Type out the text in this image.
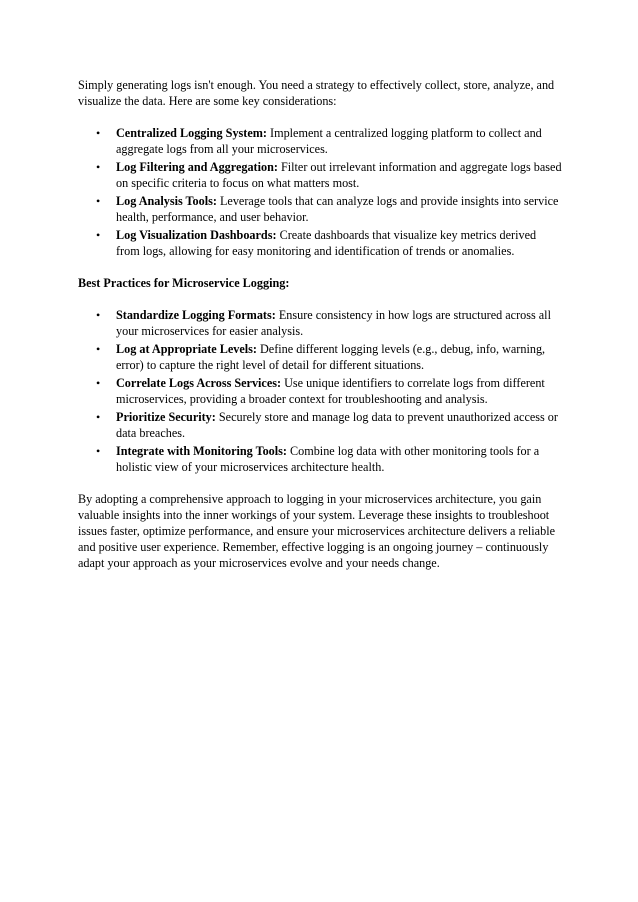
Simply generating logs isn't enough. You need a strategy to effectively collect, store, analyze, and visualize the data. Here are some key considerations:

• Centralized Logging System: Implement a centralized logging platform to collect and aggregate logs from all your microservices.
• Log Filtering and Aggregation: Filter out irrelevant information and aggregate logs based on specific criteria to focus on what matters most.
• Log Analysis Tools: Leverage tools that can analyze logs and provide insights into service health, performance, and user behavior.
• Log Visualization Dashboards: Create dashboards that visualize key metrics derived from logs, allowing for easy monitoring and identification of trends or anomalies.

Best Practices for Microservice Logging:

• Standardize Logging Formats: Ensure consistency in how logs are structured across all your microservices for easier analysis.
• Log at Appropriate Levels: Define different logging levels (e.g., debug, info, warning, error) to capture the right level of detail for different situations.
• Correlate Logs Across Services: Use unique identifiers to correlate logs from different microservices, providing a broader context for troubleshooting and analysis.
• Prioritize Security: Securely store and manage log data to prevent unauthorized access or data breaches.
• Integrate with Monitoring Tools: Combine log data with other monitoring tools for a holistic view of your microservices architecture health.

By adopting a comprehensive approach to logging in your microservices architecture, you gain valuable insights into the inner workings of your system. Leverage these insights to troubleshoot issues faster, optimize performance, and ensure your microservices architecture delivers a reliable and positive user experience. Remember, effective logging is an ongoing journey – continuously adapt your approach as your microservices evolve and your needs change.
